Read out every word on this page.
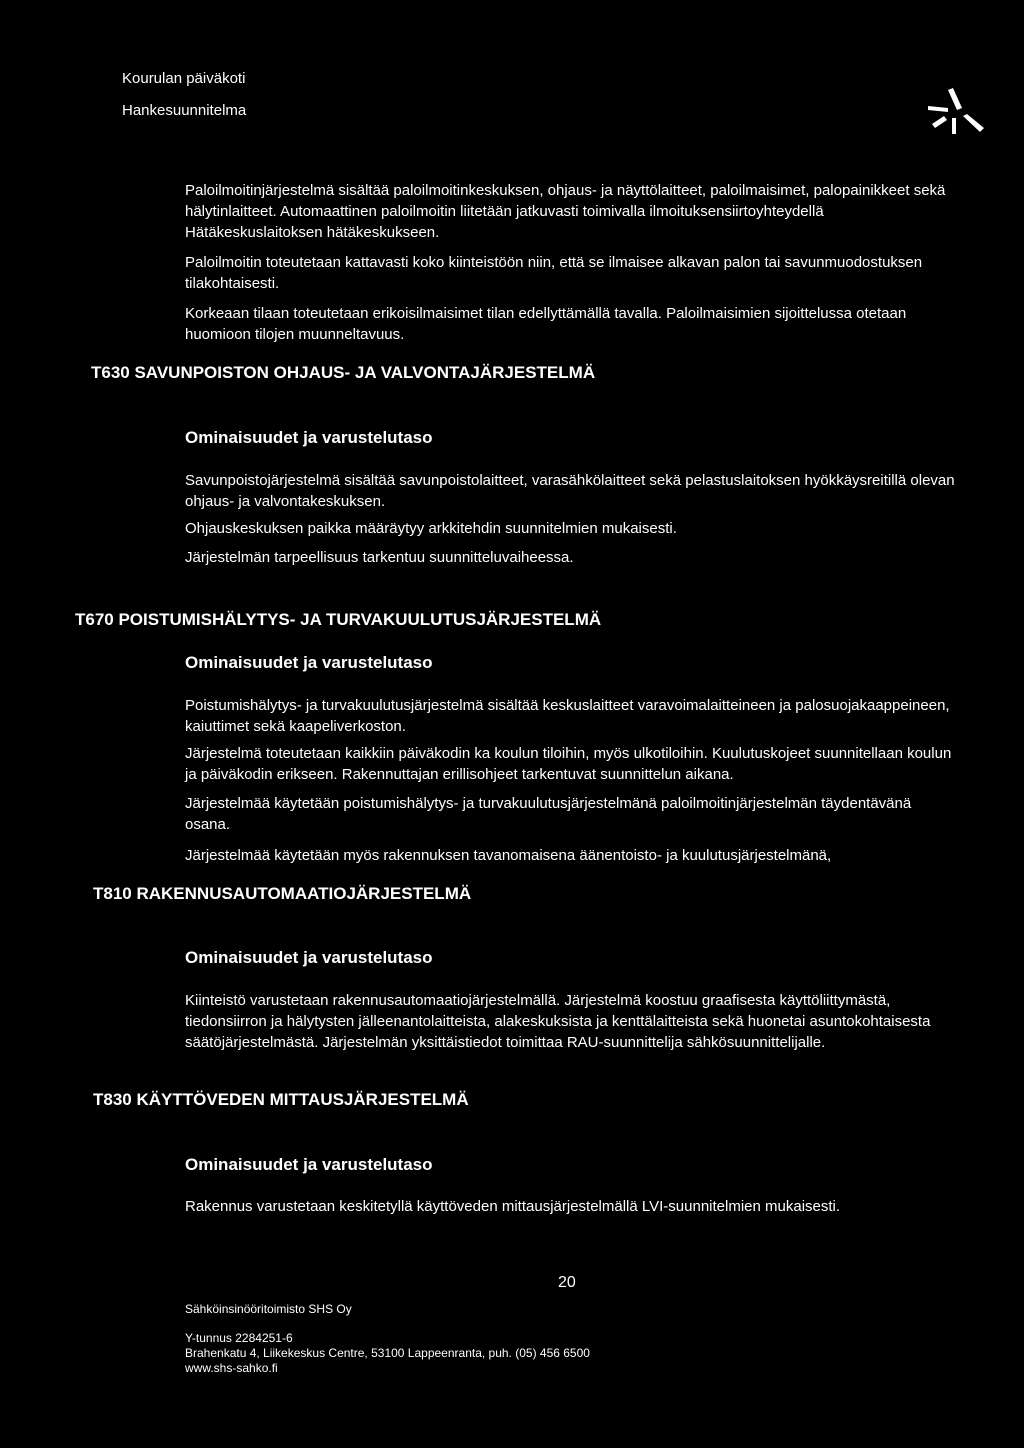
Kourulan päiväkoti
Hankesuunnitelma

Paloilmoitinjärjestelmä sisältää paloilmoitinkeskuksen, ohjaus- ja näyttölaitteet, paloilmaisimet, palopainikkeet sekä hälytinlaitteet. Automaattinen paloilmoitin liitetään jatkuvasti toimivalla ilmoituksensiirtoyhteydellä Hätäkeskuslaitoksen hätäkeskukseen.

Paloilmoitin toteutetaan kattavasti koko kiinteistöön niin, että se ilmaisee alkavan palon tai savunmuodostuksen tilakohtaisesti.

Korkeaan tilaan toteutetaan erikoisilmaisimet tilan edellyttämällä tavalla. Paloilmaisimien sijoittelussa otetaan huomioon tilojen muunneltavuus.

T630 SAVUNPOISTON OHJAUS- JA VALVONTAJÄRJESTELMÄ
Ominaisuudet ja varustelutaso

Savunpoistojärjestelmä sisältää savunpoistolaitteet, varasähkölaitteet sekä pelastuslaitoksen hyökkäysreitillä olevan ohjaus- ja valvontakeskuksen.

Ohjauskeskuksen paikka määräytyy arkkitehdin suunnitelmien mukaisesti.

Järjestelmän tarpeellisuus tarkentuu suunnitteluvaiheessa.

T670 POISTUMISHÄLYTYS- JA TURVAKUULUTUSJÄRJESTELMÄ
Ominaisuudet ja varustelutaso

Poistumishälytys- ja turvakuulutusjärjestelmä sisältää keskuslaitteet varavoimalaitteineen ja palosuojakaappeineen, kaiuttimet sekä kaapeliverkoston.

Järjestelmä toteutetaan kaikkiin päiväkodin ka koulun tiloihin, myös ulkotiloihin. Kuulutuskojeet suunnitellaan koulun ja päiväkodin erikseen. Rakennuttajan erillisohjeet tarkentuvat suunnittelun aikana.

Järjestelmää käytetään poistumishälytys- ja turvakuulutusjärjestelmänä paloilmoitinjärjestelmän täydentävänä osana.

Järjestelmää käytetään myös rakennuksen tavanomaisena äänentoisto- ja kuulutusjärjestelmänä,

T810 RAKENNUSAUTOMAATIOJÄRJESTELMÄ
Ominaisuudet ja varustelutaso

Kiinteistö varustetaan rakennusautomaatiojärjestelmällä. Järjestelmä koostuu graafisesta käyttöliittymästä, tiedonsiirron ja hälytysten jälleenantolaitteista, alakeskuksista ja kenttälaitteista sekä huonetai asuntokohtaisesta säätöjärjestelmästä. Järjestelmän yksittäistiedot toimittaa RAU-suunnittelija sähkösuunnittelijalle.

T830 KÄYTTÖVEDEN MITTAUSJÄRJESTELMÄ
Ominaisuudet ja varustelutaso

Rakennus varustetaan keskitetyllä käyttöveden mittausjärjestelmällä LVI-suunnitelmien mukaisesti.

20
Sähköinsinööritoimisto SHS Oy
Y-tunnus 2284251-6
Brahenkatu 4, Liikekeskus Centre, 53100 Lappeenranta, puh. (05) 456 6500
www.shs-sahko.fi
